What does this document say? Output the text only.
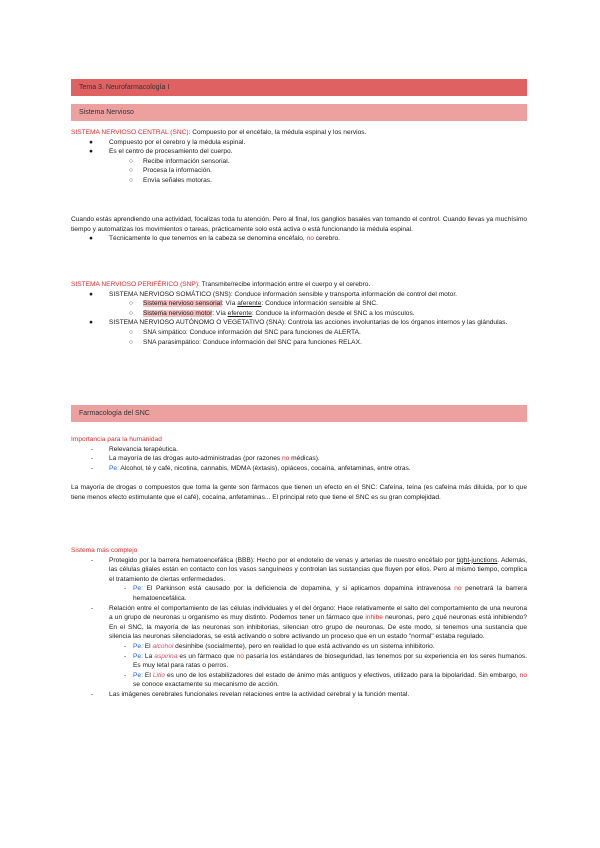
Tema 3. Neurofarmacología I
Sistema Nervioso

SISTEMA NERVIOSO CENTRAL (SNC): Compuesto por el encéfalo, la médula espinal y los nervios.

● Compuesto por el cerebro y la médula espinal.
● Es el centro de procesamiento del cuerpo.
○ Recibe información sensorial.
○ Procesa la información.
○ Envía señales motoras.

Cuando estás aprendiendo una actividad, focalizas toda tu atención. Pero al final, los ganglios basales van tomando el control. Cuando llevas ya muchísimo tiempo y automatizas los movimientos o tareas, prácticamente solo está activa o está funcionando la médula espinal.

● Técnicamente lo que tenemos en la cabeza se denomina encéfalo, no cerebro.

SISTEMA NERVIOSO PERIFÉRICO (SNP): Transmite/recibe información entre el cuerpo y el cerebro.

● SISTEMA NERVIOSO SOMÁTICO (SNS): Conduce información sensible y transporta información de control del motor.
○ Sistema nervioso sensorial: Vía aferente: Conduce información sensible al SNC.
○ Sistema nervioso motor: Vía eferente: Conduce la información desde el SNC a los músculos.
● SISTEMA NERVIOSO AUTÓNOMO O VEGETATIVO (SNA): Controla las acciones involuntarias de los órganos internos y las glándulas.
○ SNA simpático: Conduce información del SNC para funciones de ALERTA.
○ SNA parasimpático: Conduce información del SNC para funciones RELAX.
Farmacología del SNC

Importancia para la humanidad

- Relevancia terapéutica.
- La mayoría de las drogas auto-administradas (por razones no médicas).
- Pe: Alcohol, té y café, nicotina, cannabis, MDMA (éxtasis), opiáceos, cocaína, anfetaminas, entre otras.

La mayoría de drogas o compuestos que toma la gente son fármacos que tienen un efecto en el SNC: Cafeína, teína (es cafeína más diluida, por lo que tiene menos efecto estimulante que el café), cocaína, anfetaminas... El principal reto que tiene el SNC es su gran complejidad.

Sistema más complejo

- Protegido por la barrera hematoencefálica (BBB): Hecho por el endotelio de venas y arterias de nuestro encéfalo por tight-junctions. Además, las células gliales están en contacto con los vasos sanguíneos y controlan las sustancias que fluyen por ellos. Pero al mismo tiempo, complica el tratamiento de ciertas enfermedades.
- Pe: El Parkinson está causado por la deficiencia de dopamina, y si aplicamos dopamina intravenosa no penetrará la barrera hematoencefálica.
- Relación entre el comportamiento de las células individuales y el del órgano: Hace relativamente el salto del comportamiento de una neurona a un grupo de neuronas u organismo es muy distinto. Podemos tener un fármaco que inhibe neuronas, pero ¿qué neuronas está inhibiendo? En el SNC, la mayoría de las neuronas son inhibitorias, silencian otro grupo de neuronas. De este modo, si tenemos una sustancia que silencia las neuronas silenciadoras, se está activando o sobre activando un proceso que en un estado "normal" estaba regulado.
- Pe: El alcohol desinhibe (socialmente), pero en realidad lo que está activando es un sistema inhibitorio.
- Pe: La aspirina es un fármaco que no pasaría los estándares de bioseguridad, las tenemos por su experiencia en los seres humanos. Es muy letal para ratas o perros.
- Pe: El Litio es uno de los estabilizadores del estado de ánimo más antiguos y efectivos, utilizado para la bipolaridad. Sin embargo, no se conoce exactamente su mecanismo de acción.
- Las imágenes cerebrales funcionales revelan relaciones entre la actividad cerebral y la función mental.
